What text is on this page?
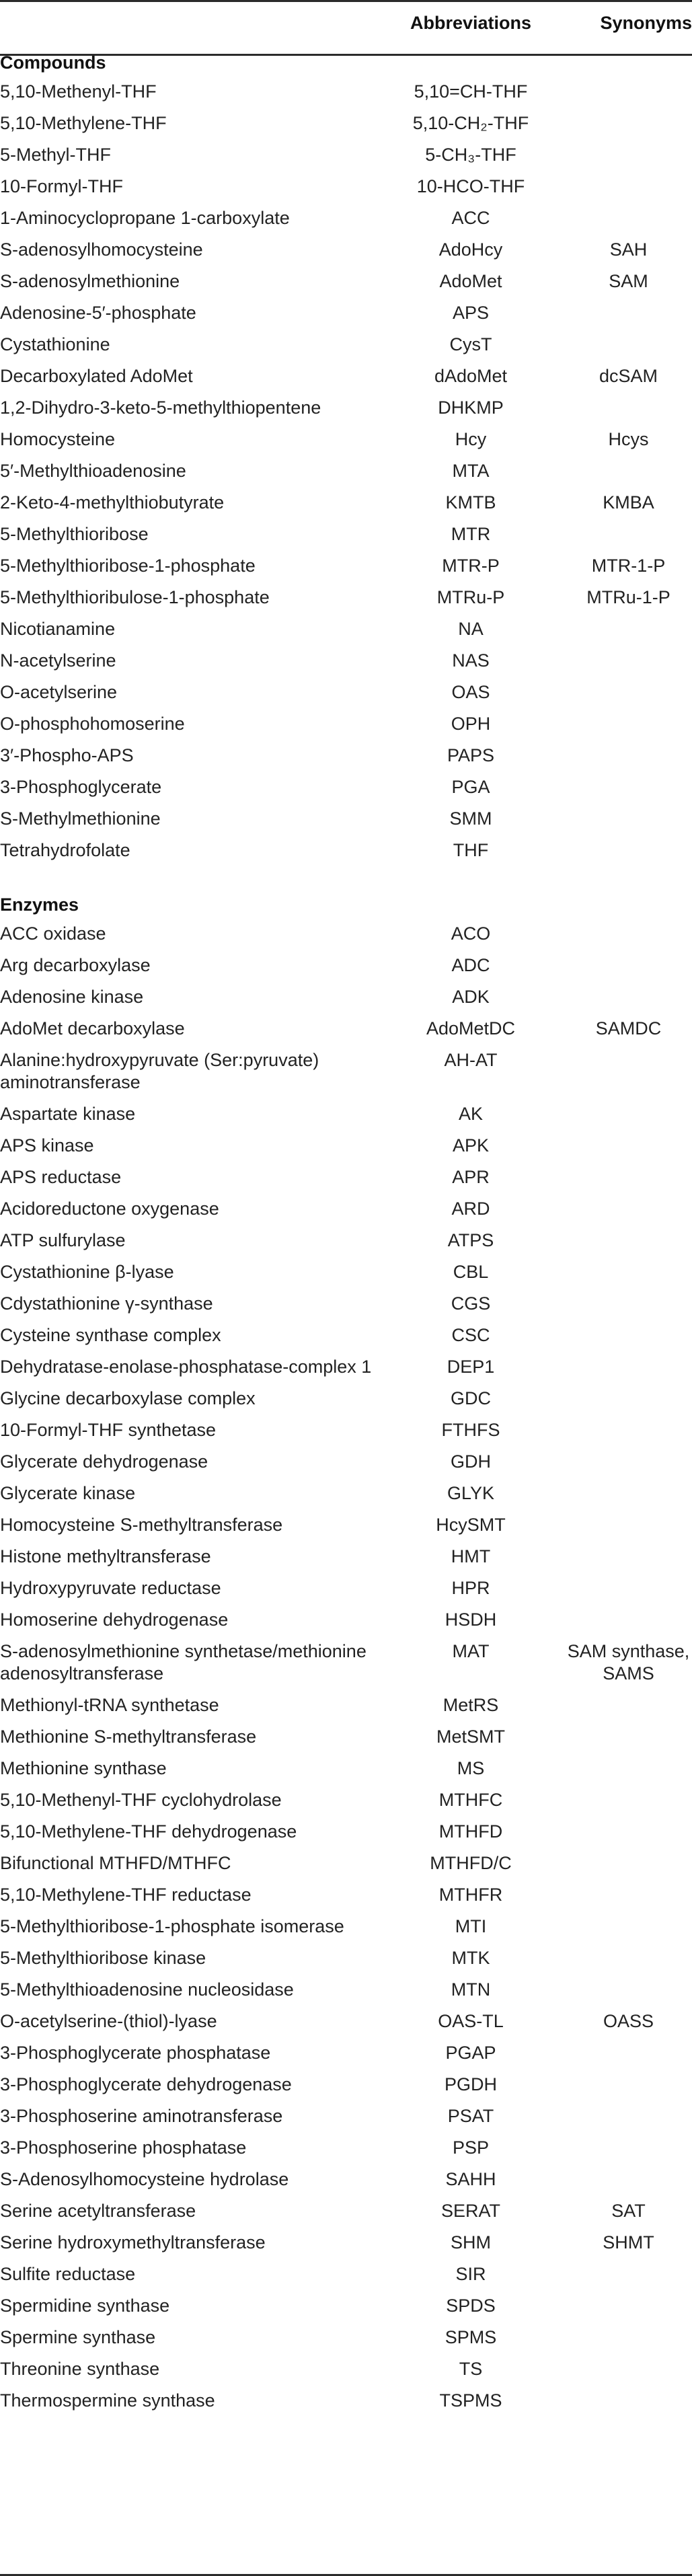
	Abbreviations	Synonyms
Compounds		
5,10-Methenyl-THF	5,10=CH-THF	
5,10-Methylene-THF	5,10-CH₂-THF	
5-Methyl-THF	5-CH₃-THF	
10-Formyl-THF	10-HCO-THF	
1-Aminocyclopropane 1-carboxylate	ACC	
S-adenosylhomocysteine	AdoHcy	SAH
S-adenosylmethionine	AdoMet	SAM
Adenosine-5′-phosphate	APS	
Cystathionine	CysT	
Decarboxylated AdoMet	dAdoMet	dcSAM
1,2-Dihydro-3-keto-5-methylthiopentene	DHKMP	
Homocysteine	Hcy	Hcys
5′-Methylthioadenosine	MTA	
2-Keto-4-methylthiobutyrate	KMTB	KMBA
5-Methylthioribose	MTR	
5-Methylthioribose-1-phosphate	MTR-P	MTR-1-P
5-Methylthioribulose-1-phosphate	MTRu-P	MTRu-1-P
Nicotianamine	NA	
N-acetylserine	NAS	
O-acetylserine	OAS	
O-phosphohomoserine	OPH	
3′-Phospho-APS	PAPS	
3-Phosphoglycerate	PGA	
S-Methylmethionine	SMM	
Tetrahydrofolate	THF	

Enzymes		
ACC oxidase	ACO	
Arg decarboxylase	ADC	
Adenosine kinase	ADK	
AdoMet decarboxylase	AdoMetDC	SAMDC
Alanine:hydroxypyruvate (Ser:pyruvate) aminotransferase	AH-AT	
Aspartate kinase	AK	
APS kinase	APK	
APS reductase	APR	
Acidoreductone oxygenase	ARD	
ATP sulfurylase	ATPS	
Cystathionine β-lyase	CBL	
Cdystathionine γ-synthase	CGS	
Cysteine synthase complex	CSC	
Dehydratase-enolase-phosphatase-complex 1	DEP1	
Glycine decarboxylase complex	GDC	
10-Formyl-THF synthetase	FTHFS	
Glycerate dehydrogenase	GDH	
Glycerate kinase	GLYK	
Homocysteine S-methyltransferase	HcySMT	
Histone methyltransferase	HMT	
Hydroxypyruvate reductase	HPR	
Homoserine dehydrogenase	HSDH	
S-adenosylmethionine synthetase/methionine adenosyltransferase	MAT	SAM synthase, SAMS
Methionyl-tRNA synthetase	MetRS	
Methionine S-methyltransferase	MetSMT	
Methionine synthase	MS	
5,10-Methenyl-THF cyclohydrolase	MTHFC	
5,10-Methylene-THF dehydrogenase	MTHFD	
Bifunctional MTHFD/MTHFC	MTHFD/C	
5,10-Methylene-THF reductase	MTHFR	
5-Methylthioribose-1-phosphate isomerase	MTI	
5-Methylthioribose kinase	MTK	
5-Methylthioadenosine nucleosidase	MTN	
O-acetylserine-(thiol)-lyase	OAS-TL	OASS
3-Phosphoglycerate phosphatase	PGAP	
3-Phosphoglycerate dehydrogenase	PGDH	
3-Phosphoserine aminotransferase	PSAT	
3-Phosphoserine phosphatase	PSP	
S-Adenosylhomocysteine hydrolase	SAHH	
Serine acetyltransferase	SERAT	SAT
Serine hydroxymethyltransferase	SHM	SHMT
Sulfite reductase	SIR	
Spermidine synthase	SPDS	
Spermine synthase	SPMS	
Threonine synthase	TS	
Thermospermine synthase	TSPMS	
